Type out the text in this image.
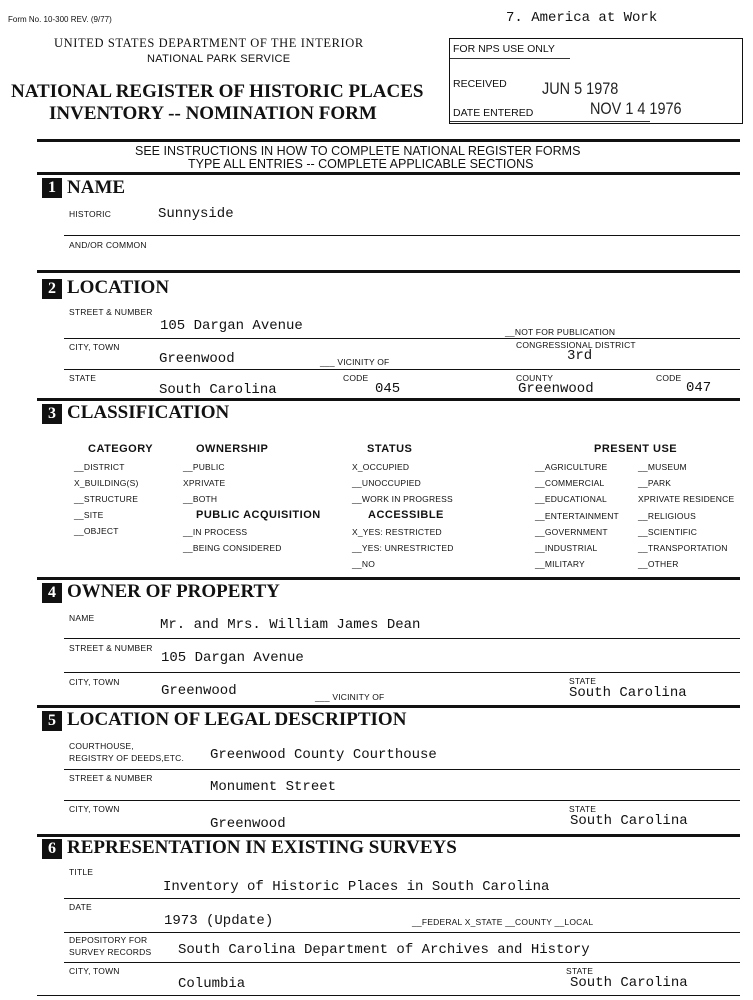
Form No. 10-300 REV. (9/77)	7. America at Work
UNITED STATES DEPARTMENT OF THE INTERIOR
NATIONAL PARK SERVICE
NATIONAL REGISTER OF HISTORIC PLACES
INVENTORY -- NOMINATION FORM
FOR NPS USE ONLY
RECEIVED JUN 5 1978
DATE ENTERED	NOV 1 4 1976
SEE INSTRUCTIONS IN HOW TO COMPLETE NATIONAL REGISTER FORMS
TYPE ALL ENTRIES -- COMPLETE APPLICABLE SECTIONS
1 NAME
HISTORIC	Sunnyside
AND/OR COMMON
2 LOCATION
STREET & NUMBER
105 Dargan Avenue	__NOT FOR PUBLICATION
CITY, TOWN
Greenwood	___ VICINITY OF
CONGRESSIONAL DISTRICT
3rd
STATE
South Carolina
CODE
045
COUNTY
Greenwood
CODE
047
3 CLASSIFICATION
CATEGORY
__DISTRICT
X_BUILDING(S)
__STRUCTURE
__SITE
__OBJECT
OWNERSHIP
__PUBLIC
XPRIVATE
__BOTH
PUBLIC ACQUISITION
__IN PROCESS
__BEING CONSIDERED
STATUS
X_OCCUPIED
__UNOCCUPIED
__WORK IN PROGRESS
ACCESSIBLE
X_YES: RESTRICTED
__YES: UNRESTRICTED
__NO
PRESENT USE
__AGRICULTURE
__COMMERCIAL
__EDUCATIONAL
__ENTERTAINMENT
__GOVERNMENT
__INDUSTRIAL
__MILITARY
__MUSEUM
__PARK
XPRIVATE RESIDENCE
__RELIGIOUS
__SCIENTIFIC
__TRANSPORTATION
__OTHER
4 OWNER OF PROPERTY
NAME	Mr. and Mrs. William James Dean
STREET & NUMBER
105 Dargan Avenue
CITY, TOWN
Greenwood	___ VICINITY OF
STATE
South Carolina
5 LOCATION OF LEGAL DESCRIPTION
COURTHOUSE,
REGISTRY OF DEEDS,ETC. Greenwood County Courthouse
STREET & NUMBER
Monument Street
CITY, TOWN
Greenwood
STATE
South Carolina
6 REPRESENTATION IN EXISTING SURVEYS
TITLE
Inventory of Historic Places in South Carolina
DATE
1973 (Update)	__FEDERAL X_STATE __COUNTY __LOCAL
DEPOSITORY FOR
SURVEY RECORDS South Carolina Department of Archives and History
CITY, TOWN
Columbia
STATE
South Carolina
